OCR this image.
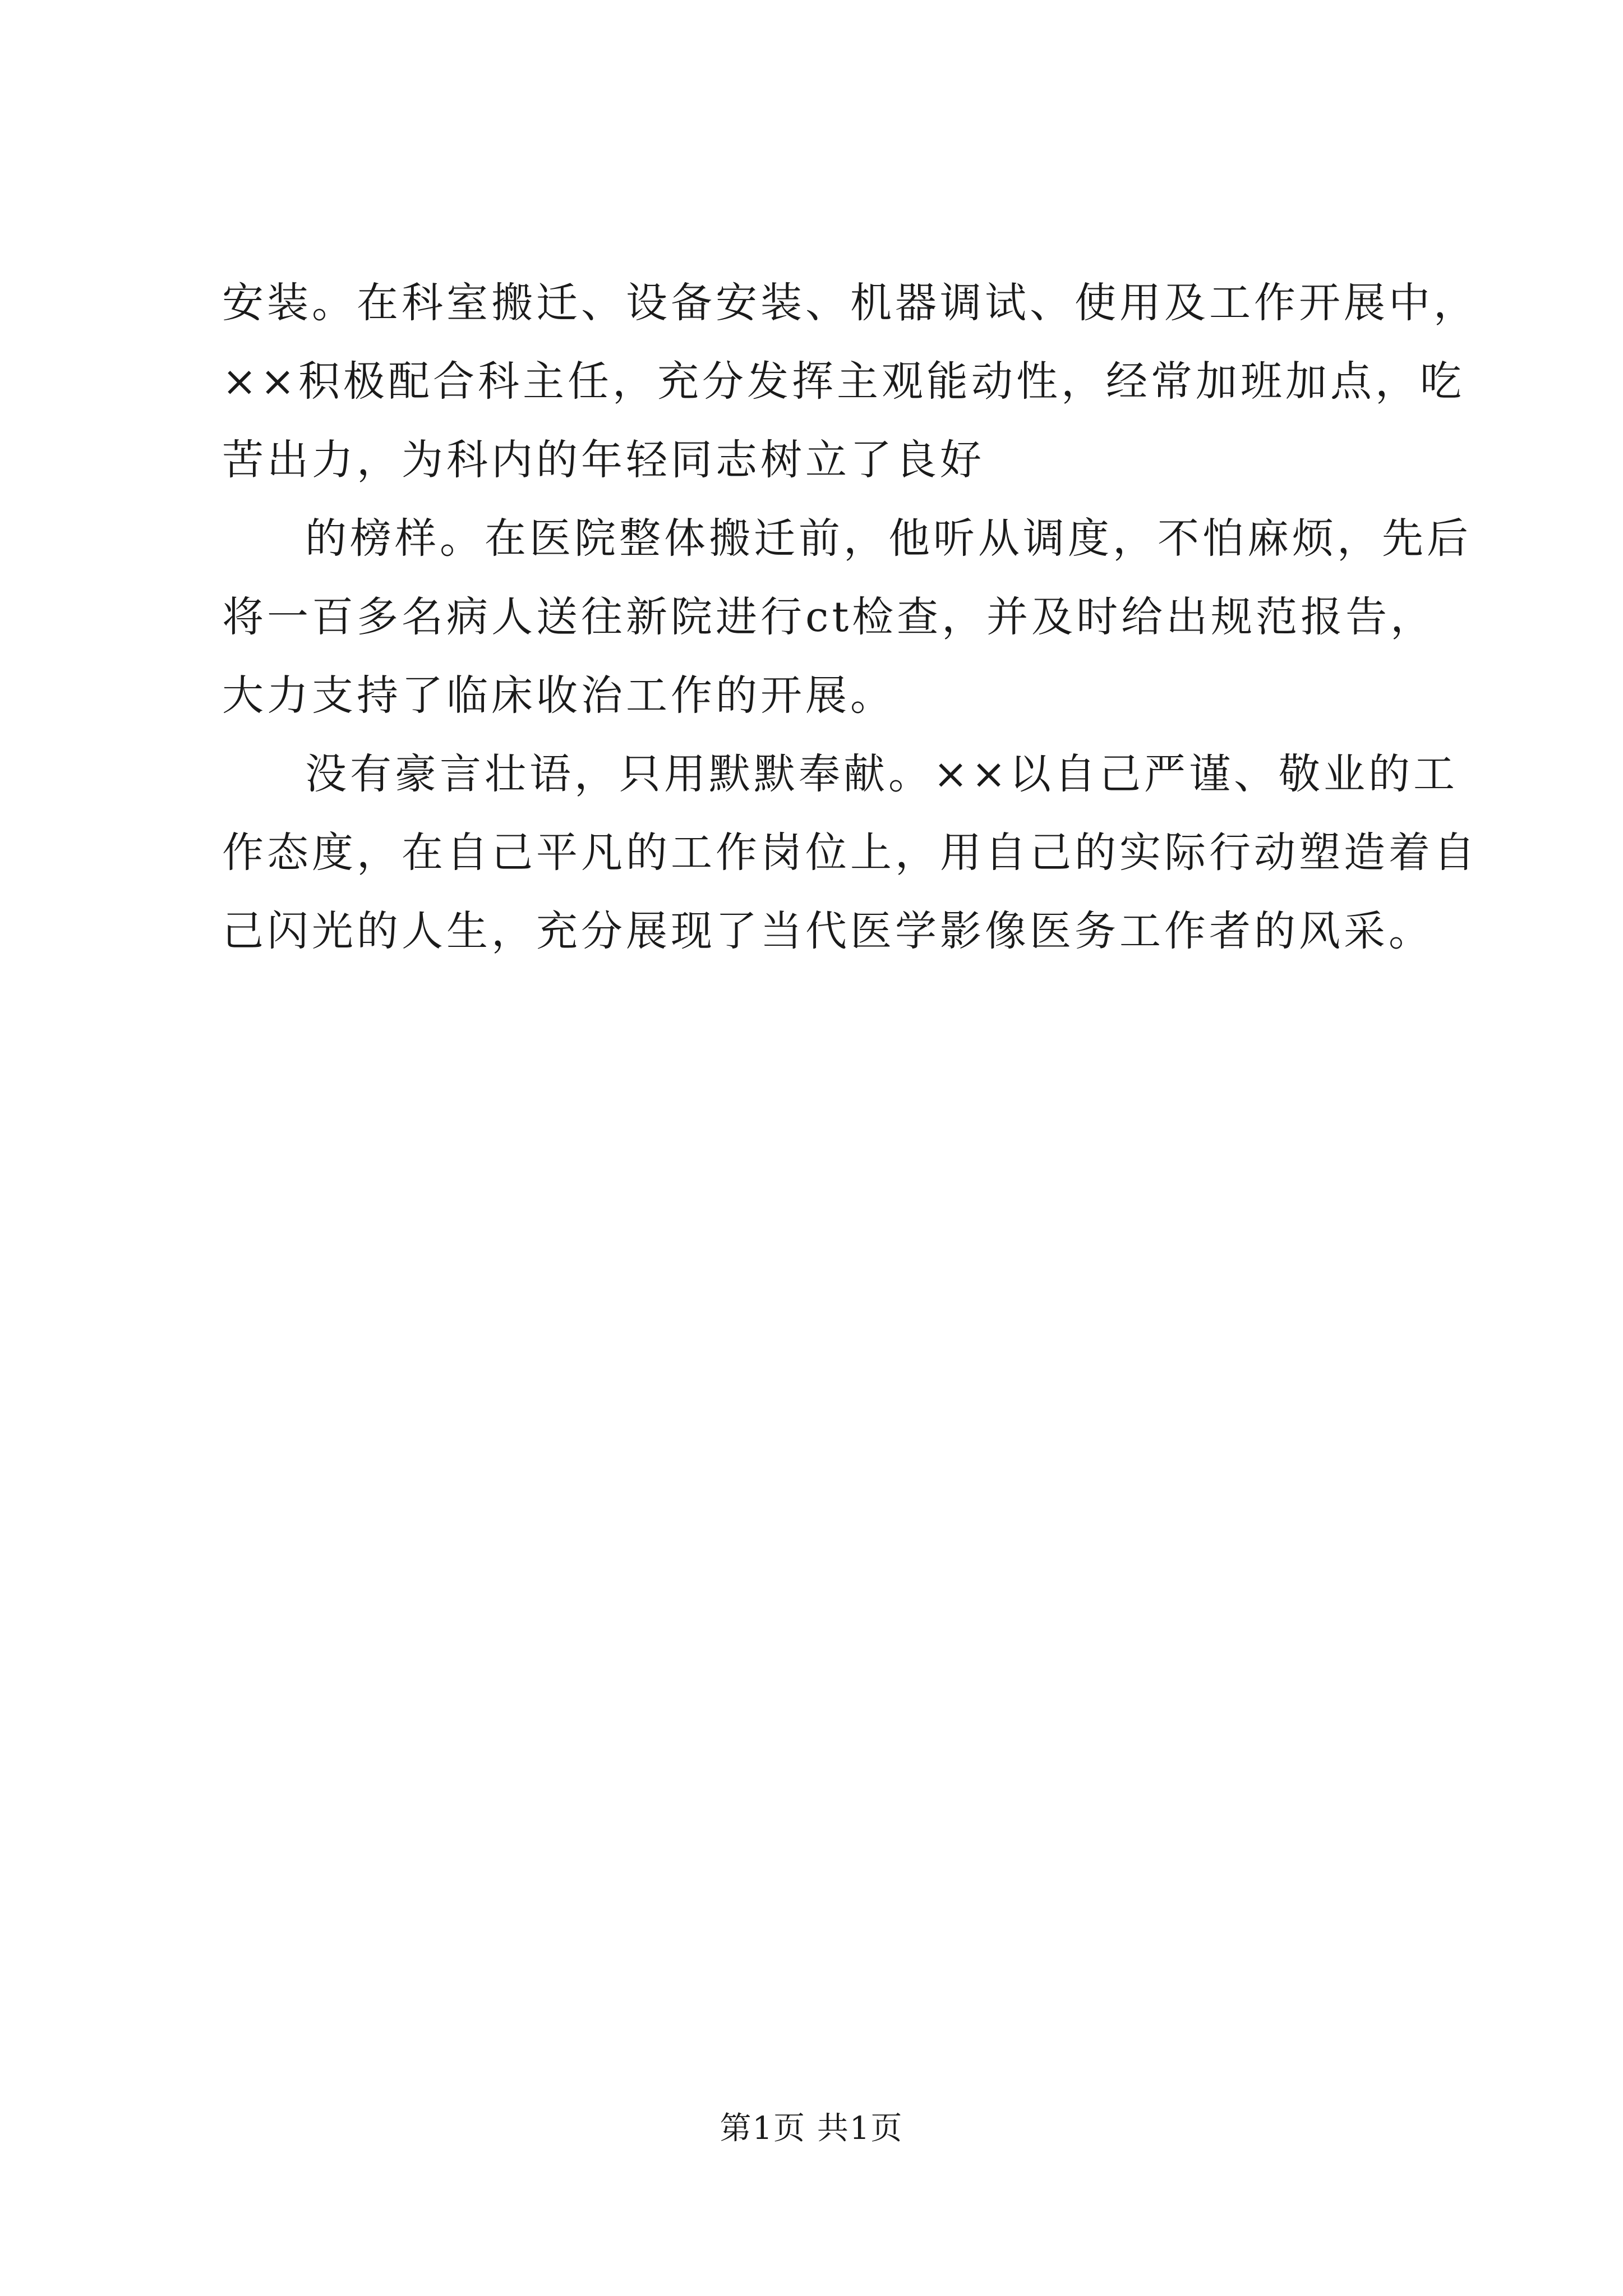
安装。在科室搬迁、设备安装、机器调试、使用及工作开展中，
××积极配合科主任，充分发挥主观能动性，经常加班加点，吃
苦出力，为科内的年轻同志树立了良好
的榜样。在医院整体搬迁前，他听从调度，不怕麻烦，先后
将一百多名病人送往新院进行ct检查，并及时给出规范报告，
大力支持了临床收治工作的开展。
没有豪言壮语，只用默默奉献。××以自己严谨、敬业的工
作态度，在自己平凡的工作岗位上，用自己的实际行动塑造着自
己闪光的人生，充分展现了当代医学影像医务工作者的风采。
第1页 共1页
